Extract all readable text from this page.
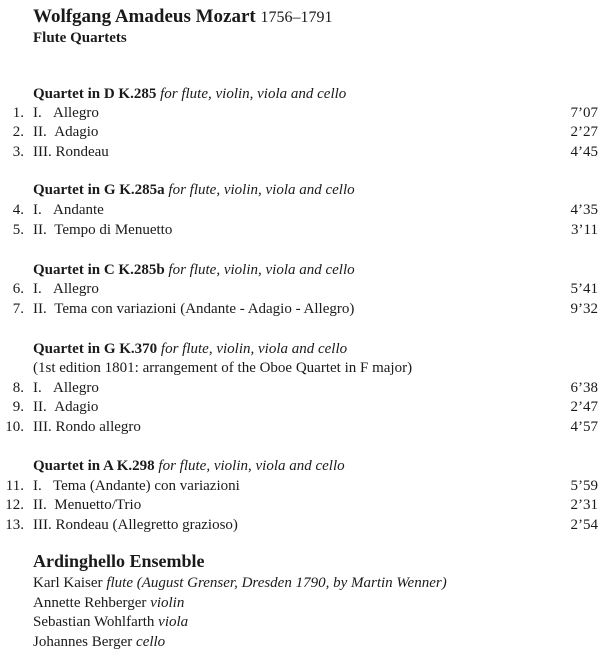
Wolfgang Amadeus Mozart 1756–1791
Flute Quartets
Quartet in D K.285 for flute, violin, viola and cello
1. I.   Allegro	7’07
2. II.  Adagio	2’27
3. III. Rondeau	4’45
Quartet in G K.285a for flute, violin, viola and cello
4. I.   Andante	4’35
5. II.  Tempo di Menuetto	3’11
Quartet in C K.285b for flute, violin, viola and cello
6. I.   Allegro	5’41
7. II.  Tema con variazioni (Andante - Adagio - Allegro)	9’32
Quartet in G K.370 for flute, violin, viola and cello
(1st edition 1801: arrangement of the Oboe Quartet in F major)
8. I.   Allegro	6’38
9. II.  Adagio	2’47
10. III. Rondo allegro	4’57
Quartet in A K.298 for flute, violin, viola and cello
11. I.   Tema (Andante) con variazioni	5’59
12. II.  Menuetto/Trio	2’31
13. III. Rondeau (Allegretto grazioso)	2’54
Ardinghello Ensemble
Karl Kaiser flute (August Grenser, Dresden 1790, by Martin Wenner)
Annette Rehberger violin
Sebastian Wohlfarth viola
Johannes Berger cello
